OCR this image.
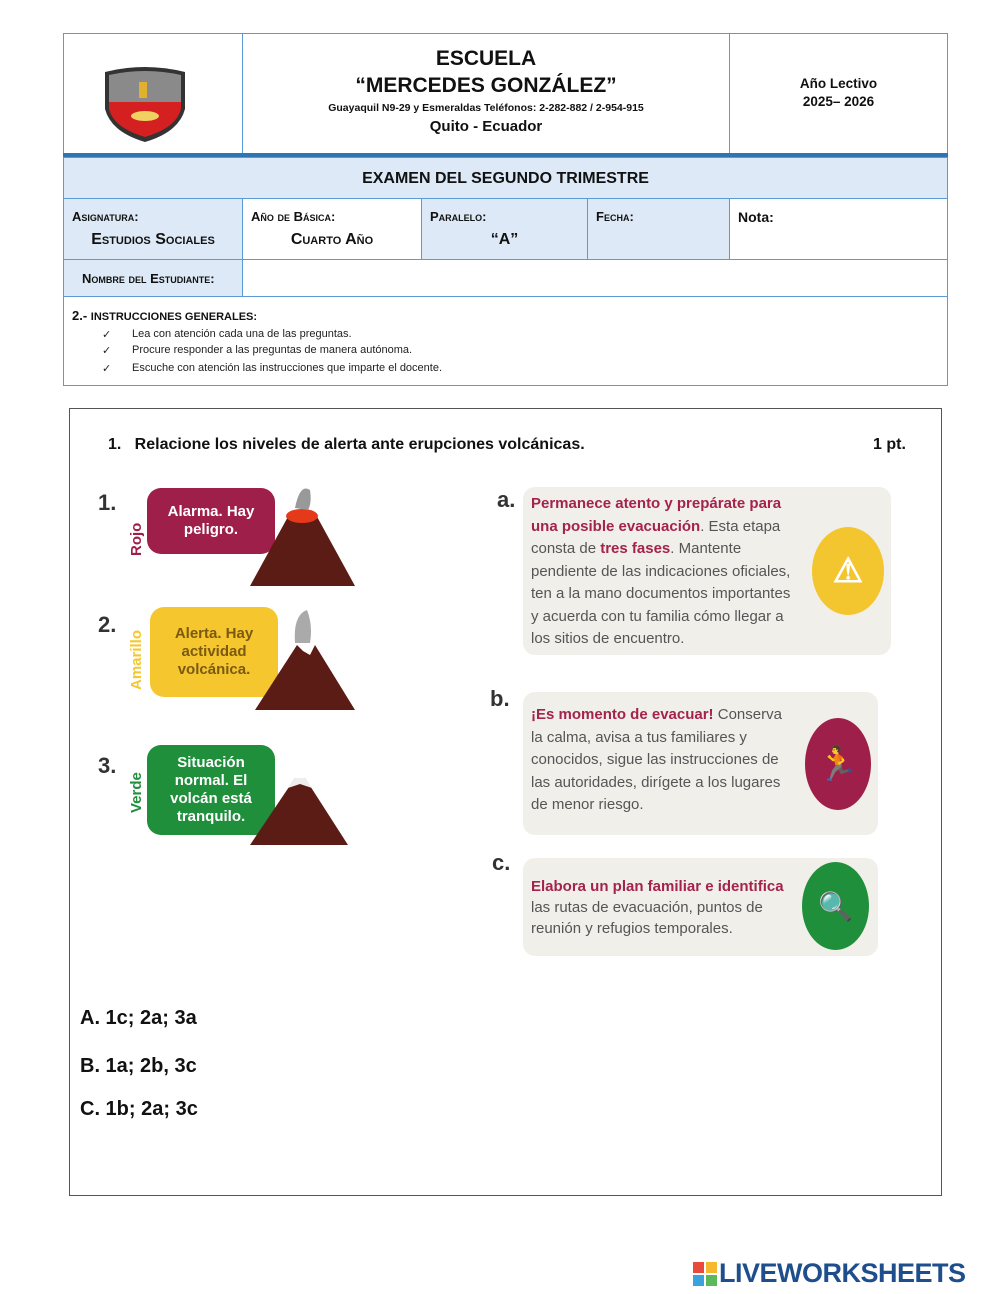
ESCUELA
“MERCEDES GONZÁLEZ”
Guayaquil N9-29 y Esmeraldas Teléfonos: 2-282-882 / 2-954-915
Quito - Ecuador
Año Lectivo
2025– 2026
EXAMEN DEL SEGUNDO TRIMESTRE
Asignatura:
Estudios Sociales
Año de Básica:
Cuarto Año
Paralelo:
“A”
Fecha:	Nota:
Nombre del Estudiante:
2.- INSTRUCCIONES GENERALES:
✓ Lea con atención cada una de las preguntas.
✓ Procure responder a las preguntas de manera autónoma.
✓ Escuche con atención las instrucciones que imparte el docente.
1.   Relacione los niveles de alerta ante erupciones volcánicas.	1 pt.
1.
Rojo
Alarma. Hay peligro.
2.
Amarillo	Alerta. Hay actividad volcánica.
3.
Verde
Situación normal. El volcán está tranquilo.
a.	Permanece atento y prepárate para una posible evacuación. Esta etapa consta de tres fases. Mantente pendiente de las indicaciones oficiales, ten a la mano documentos importantes y acuerda con tu familia cómo llegar a los sitios de encuentro.
⚠
b.
¡Es momento de evacuar! Conserva la calma, avisa a tus familiares y conocidos, sigue las instrucciones de las autoridades, dirígete a los lugares de menor riesgo.
🏃
c.
Elabora un plan familiar e identifica las rutas de evacuación, puntos de reunión y refugios temporales.
🔍
A. 1c; 2a; 3a
B. 1a; 2b, 3c
C. 1b; 2a; 3c
LIVEWORKSHEETS
